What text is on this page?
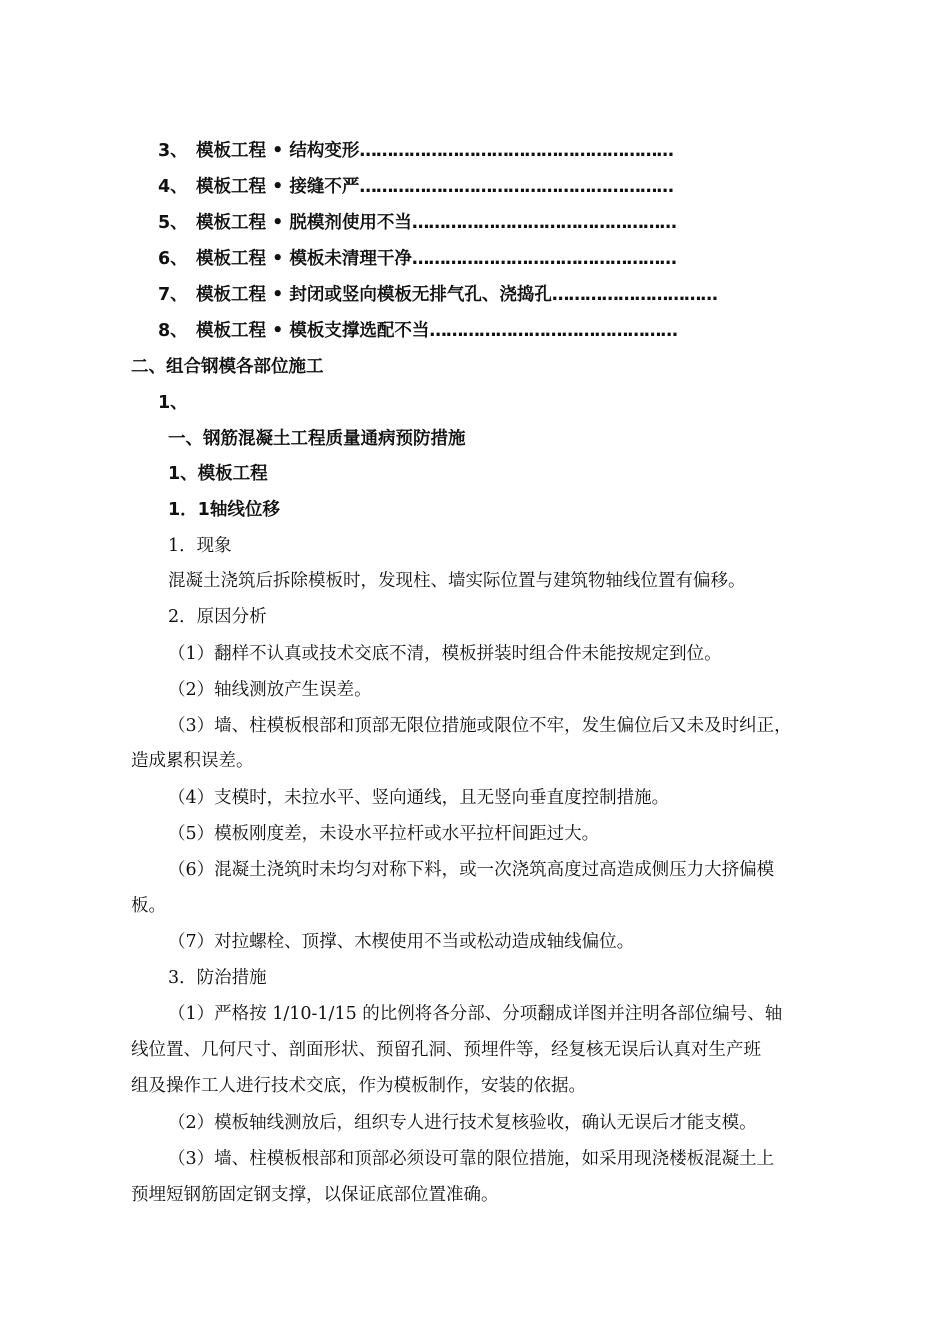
3、 模板工程 • 结构变形…………………………………………………
4、 模板工程 • 接缝不严…………………………………………………
5、 模板工程 • 脱模剂使用不当…………………………………………
6、 模板工程 • 模板未清理干净…………………………………………
7、 模板工程 • 封闭或竖向模板无排气孔、浇捣孔…………………………
8、 模板工程 • 模板支撑选配不当………………………………………
二、组合钢模各部位施工
1、
一、钢筋混凝土工程质量通病预防措施
1、模板工程
1．1轴线位移
1．现象
混凝土浇筑后拆除模板时，发现柱、墙实际位置与建筑物轴线位置有偏移。
2．原因分析
（1）翻样不认真或技术交底不清，模板拼装时组合件未能按规定到位。
（2）轴线测放产生误差。
（3）墙、柱模板根部和顶部无限位措施或限位不牢，发生偏位后又未及时纠正，
造成累积误差。
（4）支模时，未拉水平、竖向通线，且无竖向垂直度控制措施。
（5）模板刚度差，未设水平拉杆或水平拉杆间距过大。
（6）混凝土浇筑时未均匀对称下料，或一次浇筑高度过高造成侧压力大挤偏模
板。
（7）对拉螺栓、顶撑、木楔使用不当或松动造成轴线偏位。
3．防治措施
（1）严格按 1/10-1/15 的比例将各分部、分项翻成详图并注明各部位编号、轴
线位置、几何尺寸、剖面形状、预留孔洞、预埋件等，经复核无误后认真对生产班
组及操作工人进行技术交底，作为模板制作，安装的依据。
（2）模板轴线测放后，组织专人进行技术复核验收，确认无误后才能支模。
（3）墙、柱模板根部和顶部必须设可靠的限位措施，如采用现浇楼板混凝土上
预埋短钢筋固定钢支撑，以保证底部位置准确。
